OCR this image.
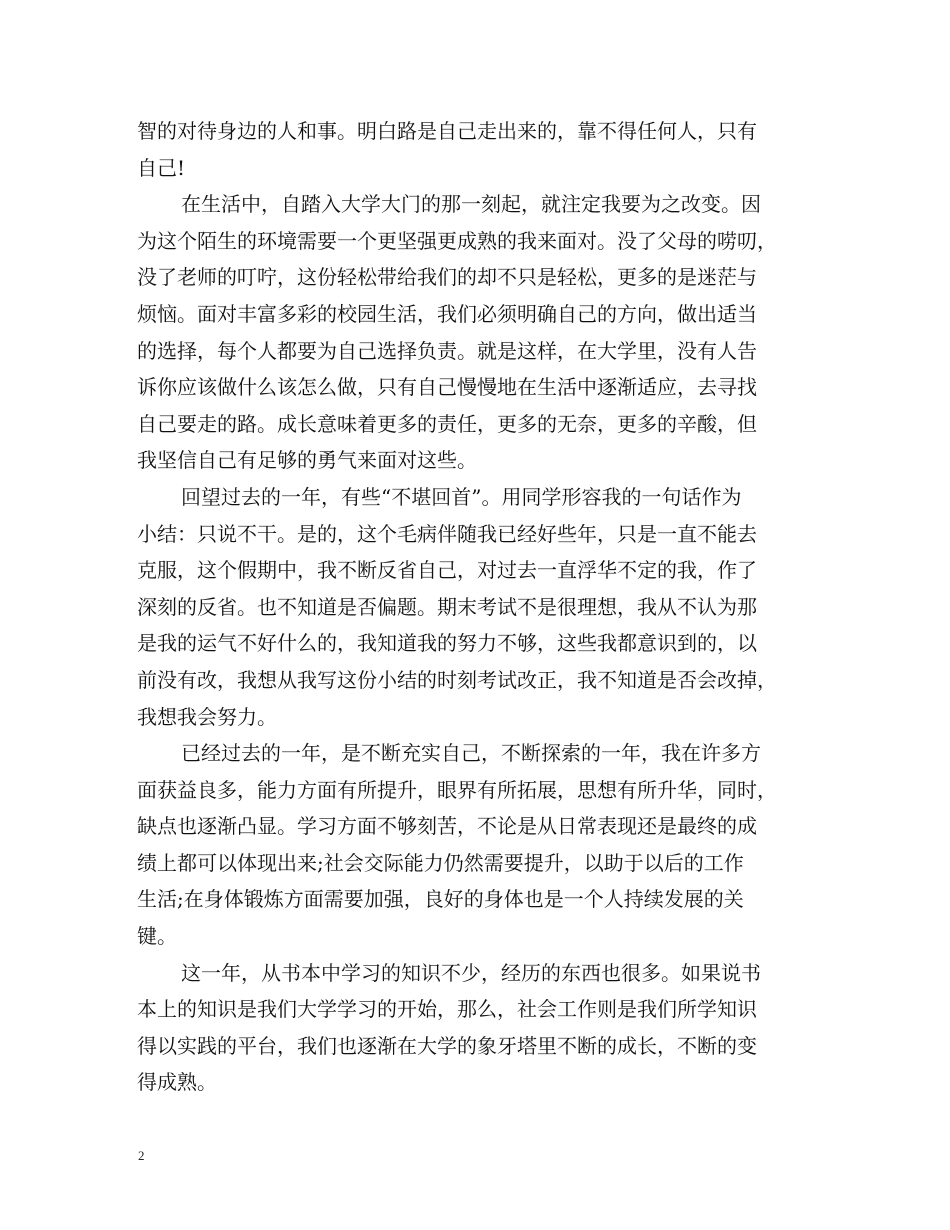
智的对待身边的人和事。明白路是自己走出来的，靠不得任何人，只有
自己!
在生活中，自踏入大学大门的那一刻起，就注定我要为之改变。因
为这个陌生的环境需要一个更坚强更成熟的我来面对。没了父母的唠叨，
没了老师的叮咛，这份轻松带给我们的却不只是轻松，更多的是迷茫与
烦恼。面对丰富多彩的校园生活，我们必须明确自己的方向，做出适当
的选择，每个人都要为自己选择负责。就是这样，在大学里，没有人告
诉你应该做什么该怎么做，只有自己慢慢地在生活中逐渐适应，去寻找
自己要走的路。成长意味着更多的责任，更多的无奈，更多的辛酸，但
我坚信自己有足够的勇气来面对这些。
回望过去的一年，有些“不堪回首”。用同学形容我的一句话作为
小结：只说不干。是的，这个毛病伴随我已经好些年，只是一直不能去
克服，这个假期中，我不断反省自己，对过去一直浮华不定的我，作了
深刻的反省。也不知道是否偏题。期末考试不是很理想，我从不认为那
是我的运气不好什么的，我知道我的努力不够，这些我都意识到的，以
前没有改，我想从我写这份小结的时刻考试改正，我不知道是否会改掉，
我想我会努力。
已经过去的一年，是不断充实自己，不断探索的一年，我在许多方
面获益良多，能力方面有所提升，眼界有所拓展，思想有所升华，同时，
缺点也逐渐凸显。学习方面不够刻苦，不论是从日常表现还是最终的成
绩上都可以体现出来;社会交际能力仍然需要提升，以助于以后的工作
生活;在身体锻炼方面需要加强，良好的身体也是一个人持续发展的关
键。
这一年，从书本中学习的知识不少，经历的东西也很多。如果说书
本上的知识是我们大学学习的开始，那么，社会工作则是我们所学知识
得以实践的平台，我们也逐渐在大学的象牙塔里不断的成长，不断的变
得成熟。
2
